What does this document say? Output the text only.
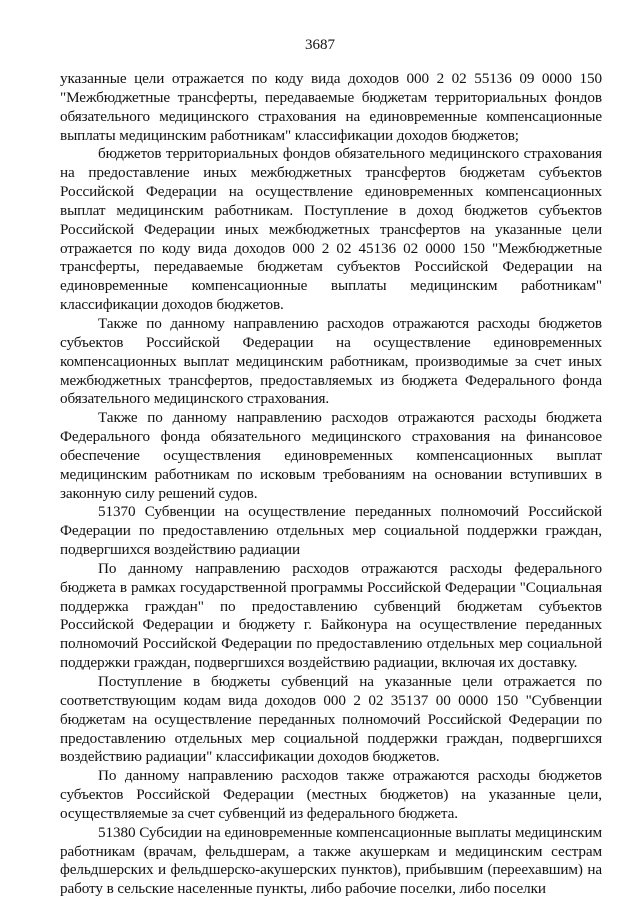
3687

указанные цели отражается по коду вида доходов 000 2 02 55136 09 0000 150 "Межбюджетные трансферты, передаваемые бюджетам территориальных фондов обязательного медицинского страхования на единовременные компенсационные выплаты медицинским работникам" классификации доходов бюджетов;

бюджетов территориальных фондов обязательного медицинского страхования на предоставление иных межбюджетных трансфертов бюджетам субъектов Российской Федерации на осуществление единовременных компенсационных выплат медицинским работникам. Поступление в доход бюджетов субъектов Российской Федерации иных межбюджетных трансфертов на указанные цели отражается по коду вида доходов 000 2 02 45136 02 0000 150 "Межбюджетные трансферты, передаваемые бюджетам субъектов Российской Федерации на единовременные компенсационные выплаты медицинским работникам" классификации доходов бюджетов.

Также по данному направлению расходов отражаются расходы бюджетов субъектов Российской Федерации на осуществление единовременных компенсационных выплат медицинским работникам, производимые за счет иных межбюджетных трансфертов, предоставляемых из бюджета Федерального фонда обязательного медицинского страхования.

Также по данному направлению расходов отражаются расходы бюджета Федерального фонда обязательного медицинского страхования на финансовое обеспечение осуществления единовременных компенсационных выплат медицинским работникам по исковым требованиям на основании вступивших в законную силу решений судов.

51370 Субвенции на осуществление переданных полномочий Российской Федерации по предоставлению отдельных мер социальной поддержки граждан, подвергшихся воздействию радиации

По данному направлению расходов отражаются расходы федерального бюджета в рамках государственной программы Российской Федерации "Социальная поддержка граждан" по предоставлению субвенций бюджетам субъектов Российской Федерации и бюджету г. Байконура на осуществление переданных полномочий Российской Федерации по предоставлению отдельных мер социальной поддержки граждан, подвергшихся воздействию радиации, включая их доставку.

Поступление в бюджеты субвенций на указанные цели отражается по соответствующим кодам вида доходов 000 2 02 35137 00 0000 150 "Субвенции бюджетам на осуществление переданных полномочий Российской Федерации по предоставлению отдельных мер социальной поддержки граждан, подвергшихся воздействию радиации" классификации доходов бюджетов.

По данному направлению расходов также отражаются расходы бюджетов субъектов Российской Федерации (местных бюджетов) на указанные цели, осуществляемые за счет субвенций из федерального бюджета.

51380 Субсидии на единовременные компенсационные выплаты медицинским работникам (врачам, фельдшерам, а также акушеркам и медицинским сестрам фельдшерских и фельдшерско-акушерских пунктов), прибывшим (переехавшим) на работу в сельские населенные пункты, либо рабочие поселки, либо поселки
